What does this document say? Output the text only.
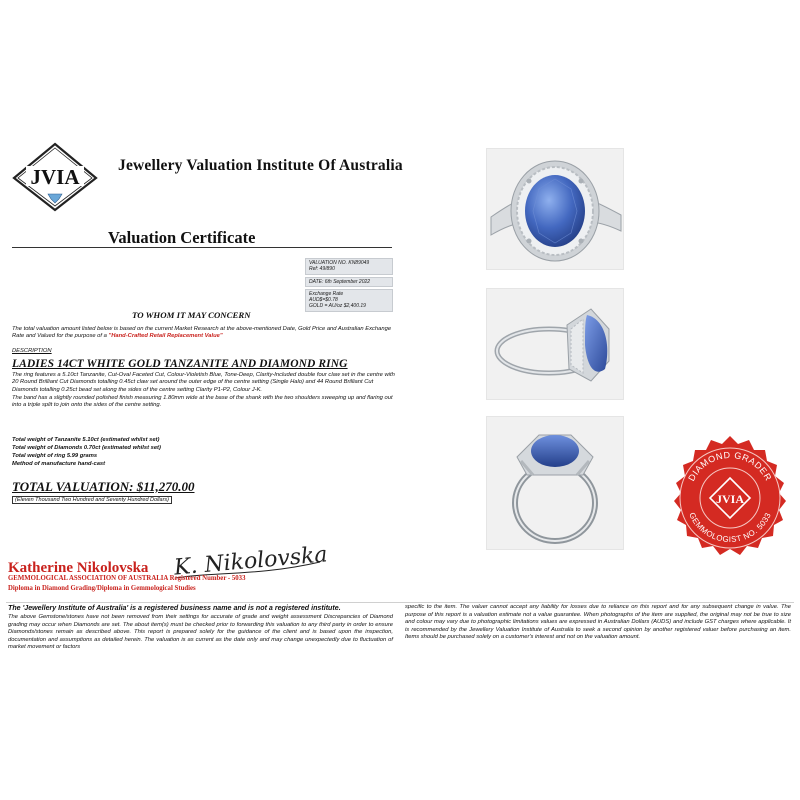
JVIA Jewellery Valuation Institute Of Australia
Valuation Certificate
VALUATION NO. KN89049
Ref: 49/890
DATE: 6th September 2022
Exchange Rate
AUD$=$0.78
GOLD = AU/oz $2,400.19
TO WHOM IT MAY CONCERN
The total valuation amount listed below is based on the current Market Research at the above-mentioned Date, Gold Price and Australian Exchange Rate and Valued for the purpose of a "Hand-Crafted Retail Replacement Value"
DESCRIPTION
LADIES 14CT WHITE GOLD TANZANITE AND DIAMOND RING

The ring features a 5.10ct Tanzanite, Cut-Oval Faceted Cut, Colour-Violetish Blue, Tone-Deep, Clarity-Included double four claw set in the centre with 20 Round Brilliant Cut Diamonds totalling 0.45ct claw set around the outer edge of the centre setting (Single Halo) and 44 Round Brilliant Cut Diamonds totalling 0.25ct bead set along the sides of the centre setting Clarity P1-P2, Colour J-K.

The band has a slightly rounded polished finish measuring 1.80mm wide at the base of the shank with the two shoulders sweeping up and flaring out into a triple split to join onto the sides of the centre setting.

Total weight of Tanzanite 5.10ct (estimated whilst set)
Total weight of Diamonds 0.70ct (estimated whilst set)
Total weight of ring 5.99 grams
Method of manufacture hand-cast
TOTAL VALUATION: $11,270.00
(Eleven Thousand Two Hundred and Seventy Hundred Dollars)
Katherine Nikolovska K. Nikolovska
GEMMOLOGICAL ASSOCIATION OF AUSTRALIA Registered Number - 5033
Diploma in Diamond Grading/Diploma in Gemmological Studies
The 'Jewellery Institute of Australia' is a registered business name and is not a registered institute.
The above Gemstone/stones have not been removed from their settings for accurate of grade and weight assessment Discrepancies of Diamond grading may occur when Diamonds are set. The about item(s) must be checked prior to forwarding this valuation to any third party in order to ensure Diamonds/stones remain as described above. This report is prepared solely for the guidance of the client and is based upon the inspection, documentation and assumptions as detailed herein. The valuation is as current as the date only and may change unexpectedly due to fluctuation of market movement or factors
specific to the item. The valuer cannot accept any liability for losses due to reliance on this report and for any subsequent change in value. The purpose of this report is a valuation estimate not a value guarantee. When photographs of the item are supplied, the original may not be true to size and colour may vary due to photographic limitations values are expressed in Australian Dollars (AUDS) and include GST charges where applicable. It is recommended by the Jewellery Valuation Institute of Australia to seek a second opinion by another registered valuer before purchasing an item. Items should be purchased solely on a customer's interest and not on the valuation amount.
DIAMOND GRADER
GEMMOLOGIST NO. 5033
JVIA
